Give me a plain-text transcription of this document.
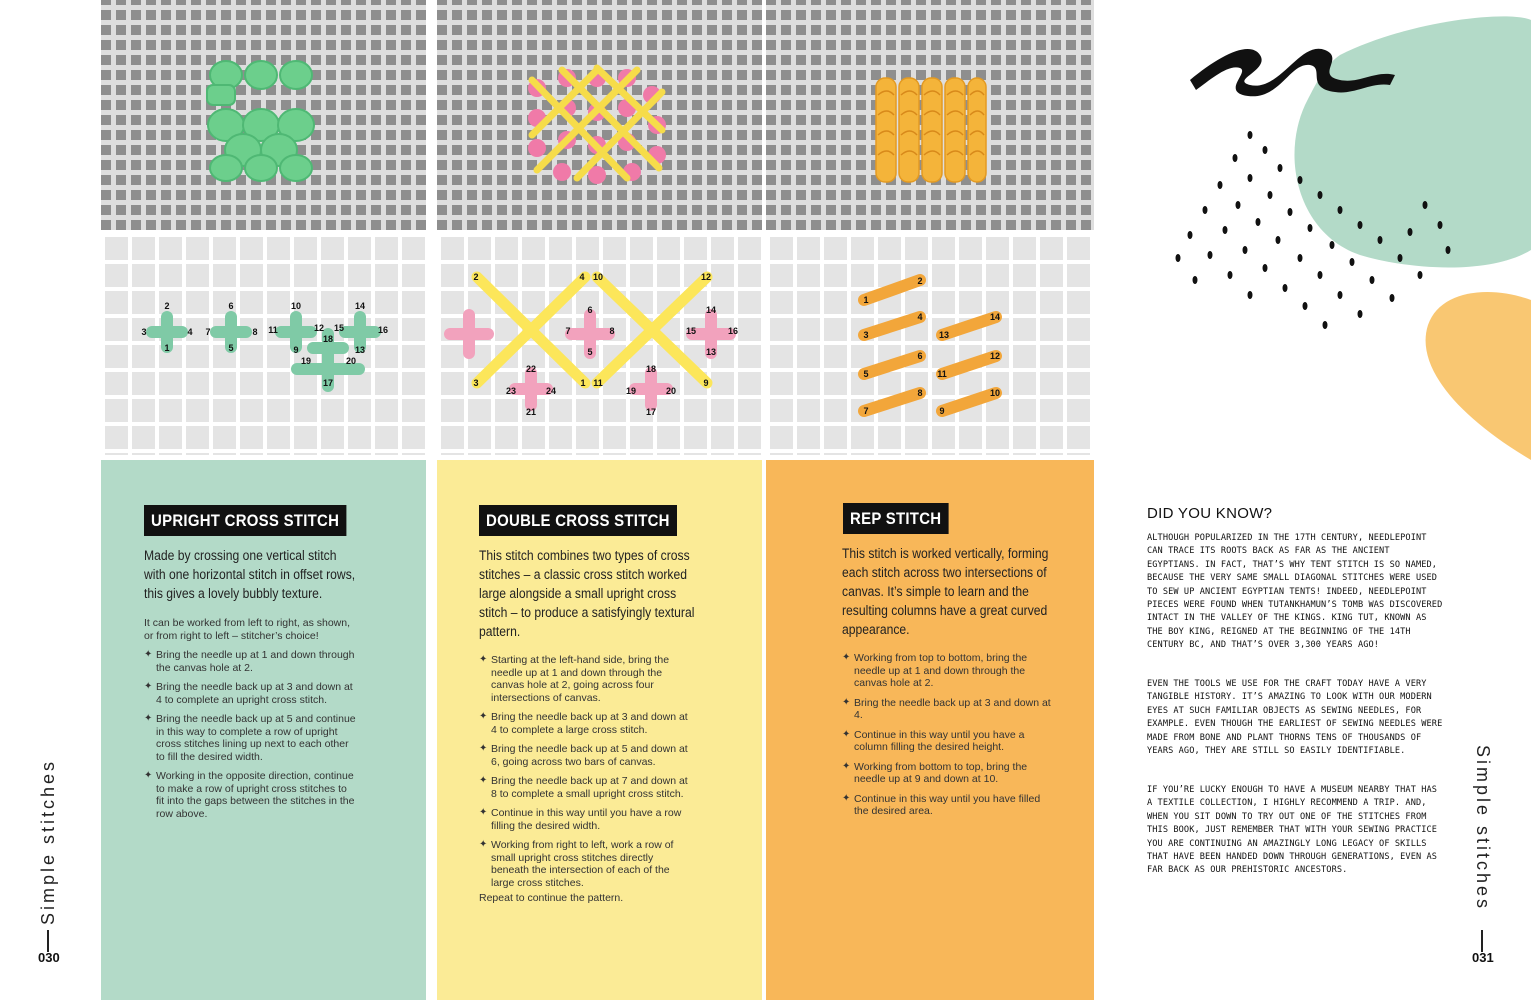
1
2
3	4
5
6
7	8
9
10
11	12
13
14
15	16
17
18
19	20
1
2
3
4
5
6
7	8
9
10
11
12
13
14
15	16
17
18
19	20
21
22
23	24
1
2
3
4
5
6
7
8
9
10
11
12
13
14
UPRIGHT CROSS STITCH
Made by crossing one vertical stitch with one horizontal stitch in offset rows, this gives a lovely bubbly texture.
It can be worked from left to right, as shown, or from right to left – stitcher’s choice!
✦ Bring the needle up at 1 and down through the canvas hole at 2.
✦ Bring the needle back up at 3 and down at 4 to complete an upright cross stitch.
✦ Bring the needle back up at 5 and continue in this way to complete a row of upright cross stitches lining up next to each other to fill the desired width.
✦ Working in the opposite direction, continue to make a row of upright cross stitches to fit into the gaps between the stitches in the row above.
DOUBLE CROSS STITCH
This stitch combines two types of cross stitches – a classic cross stitch worked large alongside a small upright cross stitch – to produce a satisfyingly textural pattern.
✦ Starting at the left-hand side, bring the needle up at 1 and down through the canvas hole at 2, going across four intersections of canvas.
✦ Bring the needle back up at 3 and down at 4 to complete a large cross stitch.
✦ Bring the needle back up at 5 and down at 6, going across two bars of canvas.
✦ Bring the needle back up at 7 and down at 8 to complete a small upright cross stitch.
✦ Continue in this way until you have a row filling the desired width.
✦ Working from right to left, work a row of small upright cross stitches directly beneath the intersection of each of the large cross stitches.
Repeat to continue the pattern.
REP STITCH
This stitch is worked vertically, forming each stitch across two intersections of canvas. It’s simple to learn and the resulting columns have a great curved appearance.
✦ Working from top to bottom, bring the needle up at 1 and down through the canvas hole at 2.
✦ Bring the needle back up at 3 and down at 4.
✦ Continue in this way until you have a column filling the desired height.
✦ Working from bottom to top, bring the needle up at 9 and down at 10.
✦ Continue in this way until you have filled the desired area.
DID YOU KNOW?

ALTHOUGH POPULARIZED IN THE 17TH CENTURY, NEEDLEPOINT CAN TRACE ITS ROOTS BACK AS FAR AS THE ANCIENT EGYPTIANS. IN FACT, THAT’S WHY TENT STITCH IS SO NAMED, BECAUSE THE VERY SAME SMALL DIAGONAL STITCHES WERE USED TO SEW UP ANCIENT EGYPTIAN TENTS! INDEED, NEEDLEPOINT PIECES WERE FOUND WHEN TUTANKHAMUN’S TOMB WAS DISCOVERED INTACT IN THE VALLEY OF THE KINGS. KING TUT, KNOWN AS THE BOY KING, REIGNED AT THE BEGINNING OF THE 14TH CENTURY BC, AND THAT’S OVER 3,300 YEARS AGO!

EVEN THE TOOLS WE USE FOR THE CRAFT TODAY HAVE A VERY TANGIBLE HISTORY. IT’S AMAZING TO LOOK WITH OUR MODERN EYES AT SUCH FAMILIAR OBJECTS AS SEWING NEEDLES, FOR EXAMPLE. EVEN THOUGH THE EARLIEST OF SEWING NEEDLES WERE MADE FROM BONE AND PLANT THORNS TENS OF THOUSANDS OF YEARS AGO, THEY ARE STILL SO EASILY IDENTIFIABLE.

IF YOU’RE LUCKY ENOUGH TO HAVE A MUSEUM NEARBY THAT HAS A TEXTILE COLLECTION, I HIGHLY RECOMMEND A TRIP. AND, WHEN YOU SIT DOWN TO TRY OUT ONE OF THE STITCHES FROM THIS BOOK, JUST REMEMBER THAT WITH YOUR SEWING PRACTICE YOU ARE CONTINUING AN AMAZINGLY LONG LEGACY OF SKILLS THAT HAVE BEEN HANDED DOWN THROUGH GENERATIONS, EVEN AS FAR BACK AS OUR PREHISTORIC ANCESTORS.

Simple stitches
030
Simple stitches
031
